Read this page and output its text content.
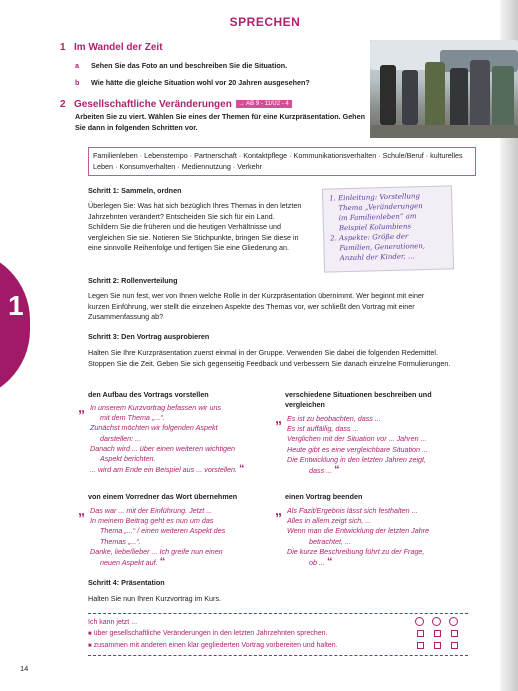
SPRECHEN
1
1 Im Wandel der Zeit
a Sehen Sie das Foto an und beschreiben Sie die Situation.
b Wie hätte die gleiche Situation wohl vor 20 Jahren ausgesehen?
2 Gesellschaftliche Veränderungen → AB 9 - 11/Ü2 - 4
Arbeiten Sie zu viert. Wählen Sie eines der Themen für eine Kurzpräsentation. Gehen Sie dann in folgenden Schritten vor.
Familienleben · Lebenstempo · Partnerschaft · Kontaktpflege · Kommunikationsverhalten · Schule/Beruf · kulturelles Leben · Konsumverhalten · Mediennutzung · Verkehr
Schritt 1: Sammeln, ordnen
Überlegen Sie: Was hat sich bezüglich Ihres Themas in den letzten Jahrzehnten verändert? Entscheiden Sie sich für ein Land. Schildern Sie die früheren und die heutigen Verhältnisse und vergleichen Sie sie. Notieren Sie Stichpunkte, bringen Sie diese in eine sinnvolle Reihenfolge und fertigen Sie eine Gliederung an.
1. Einleitung: Vorstellung
Thema „Veränderungen
im Familienleben“ am
Beispiel Kolumbiens
2. Aspekte: Größe der
Familien, Generationen,
Anzahl der Kinder, ...
Schritt 2: Rollenverteilung
Legen Sie nun fest, wer von Ihnen welche Rolle in der Kurzpräsentation übernimmt. Wer beginnt mit einer kurzen Einführung, wer stellt die einzelnen Aspekte des Themas vor, wer schließt den Vortrag mit einer Zusammenfassung ab?
Schritt 3: Den Vortrag ausprobieren
Halten Sie Ihre Kurzpräsentation zuerst einmal in der Gruppe. Verwenden Sie dabei die folgenden Redemittel. Stoppen Sie die Zeit. Geben Sie sich gegenseitig Feedback und verbessern Sie danach einzelne Formulierungen.
den Aufbau des Vortrags vorstellen
„ In unserem Kurzvortrag befassen wir uns
mit dem Thema „...“.
Zunächst möchten wir folgenden Aspekt
darstellen: ...
Danach wird ... über einen weiteren wichtigen
Aspekt berichten.
... wird am Ende ein Beispiel aus ... vorstellen. “
verschiedene Situationen beschreiben und vergleichen
„ Es ist zu beobachten, dass ...
Es ist auffällig, dass ...
Verglichen mit der Situation vor ... Jahren ...
Heute gibt es eine vergleichbare Situation ...
Die Entwicklung in den letzten Jahren zeigt,
dass ... “
von einem Vorredner das Wort übernehmen
„ Das war ... mit der Einführung. Jetzt ...
In meinem Beitrag geht es nun um das
Thema „...“ / einen weiteren Aspekt des
Themas „...“.
Danke, liebe/lieber ... Ich greife nun einen
neuen Aspekt auf. “
einen Vortrag beenden
„ Als Fazit/Ergebnis lässt sich festhalten ...
Alles in allem zeigt sich, ...
Wenn man die Entwicklung der letzten Jahre
betrachtet, ...
Die kurze Beschreibung führt zu der Frage,
ob ... “
Schritt 4: Präsentation
Halten Sie nun Ihren Kurzvortrag im Kurs.
Ich kann jetzt ...
■ über gesellschaftliche Veränderungen in den letzten Jahrzehnten sprechen.
■ zusammen mit anderen einen klar gegliederten Vortrag vorbereiten und halten.
14
